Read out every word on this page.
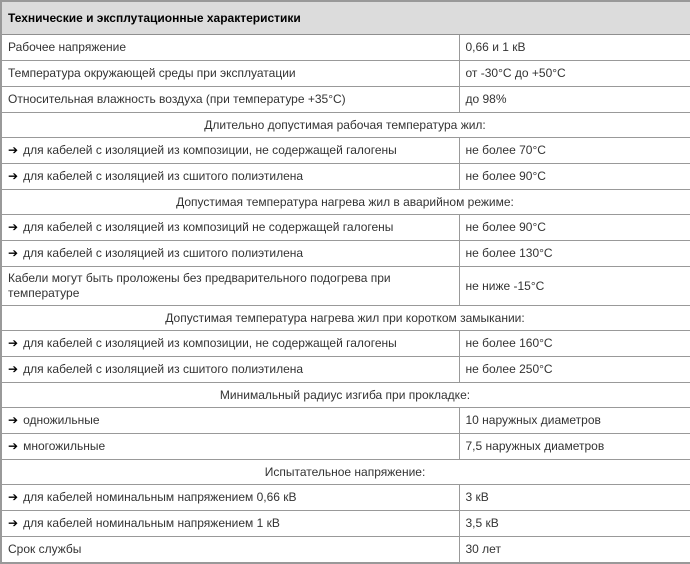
Технические и эксплутационные характеристики	
Рабочее напряжение	0,66 и 1 кВ
Температура окружающей среды при эксплуатации	от -30°С до +50°С
Относительная влажность воздуха (при температуре +35°С)	до 98%
Длительно допустимая рабочая температура жил:	
➔ для кабелей с изоляцией из композиции, не содержащей галогены	не более 70°С
➔ для кабелей с изоляцией из сшитого полиэтилена	не более 90°С
Допустимая температура нагрева жил в аварийном режиме:	
➔ для кабелей с изоляцией из композиций не содержащей галогены	не более 90°С
➔ для кабелей с изоляцией из сшитого полиэтилена	не более 130°С
Кабели могут быть проложены без предварительного подогрева при температуре	не ниже -15°С
Допустимая температура нагрева жил при коротком замыкании:	
➔ для кабелей с изоляцией из композиции, не содержащей галогены	не более 160°С
➔ для кабелей с изоляцией из сшитого полиэтилена	не более 250°С
Минимальный радиус изгиба при прокладке:	
➔ одножильные	10 наружных диаметров
➔ многожильные	7,5 наружных диаметров
Испытательное напряжение:	
➔ для кабелей номинальным напряжением 0,66 кВ	3 кВ
➔ для кабелей номинальным напряжением 1 кВ	3,5 кВ
Срок службы	30 лет
